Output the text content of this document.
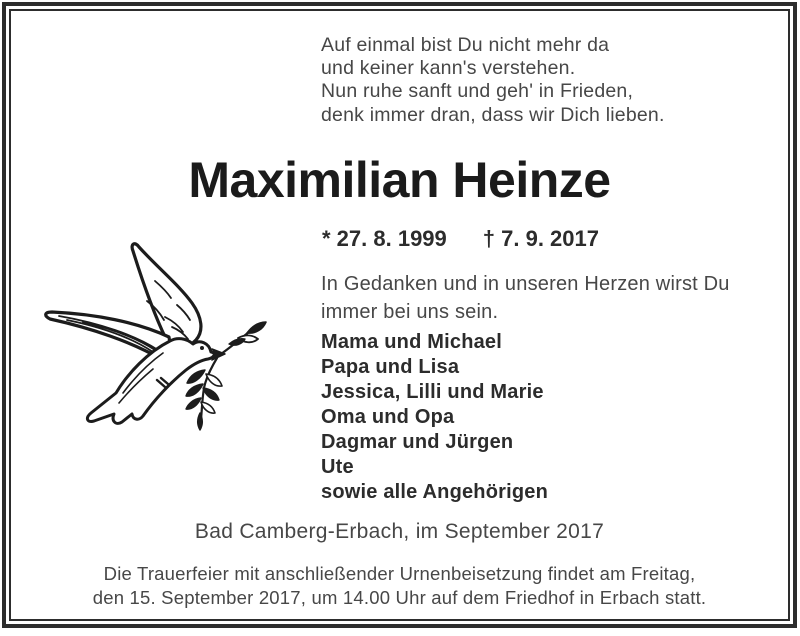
Auf einmal bist Du nicht mehr da
und keiner kann's verstehen.
Nun ruhe sanft und geh' in Frieden,
denk immer dran, dass wir Dich lieben.
Maximilian Heinze
* 27. 8. 1999 † 7. 9. 2017
In Gedanken und in unseren Herzen wirst Du
immer bei uns sein.
Mama und Michael
Papa und Lisa
Jessica, Lilli und Marie
Oma und Opa
Dagmar und Jürgen
Ute
sowie alle Angehörigen
Bad Camberg-Erbach, im September 2017
Die Trauerfeier mit anschließender Urnenbeisetzung findet am Freitag,
den 15. September 2017, um 14.00 Uhr auf dem Friedhof in Erbach statt.
